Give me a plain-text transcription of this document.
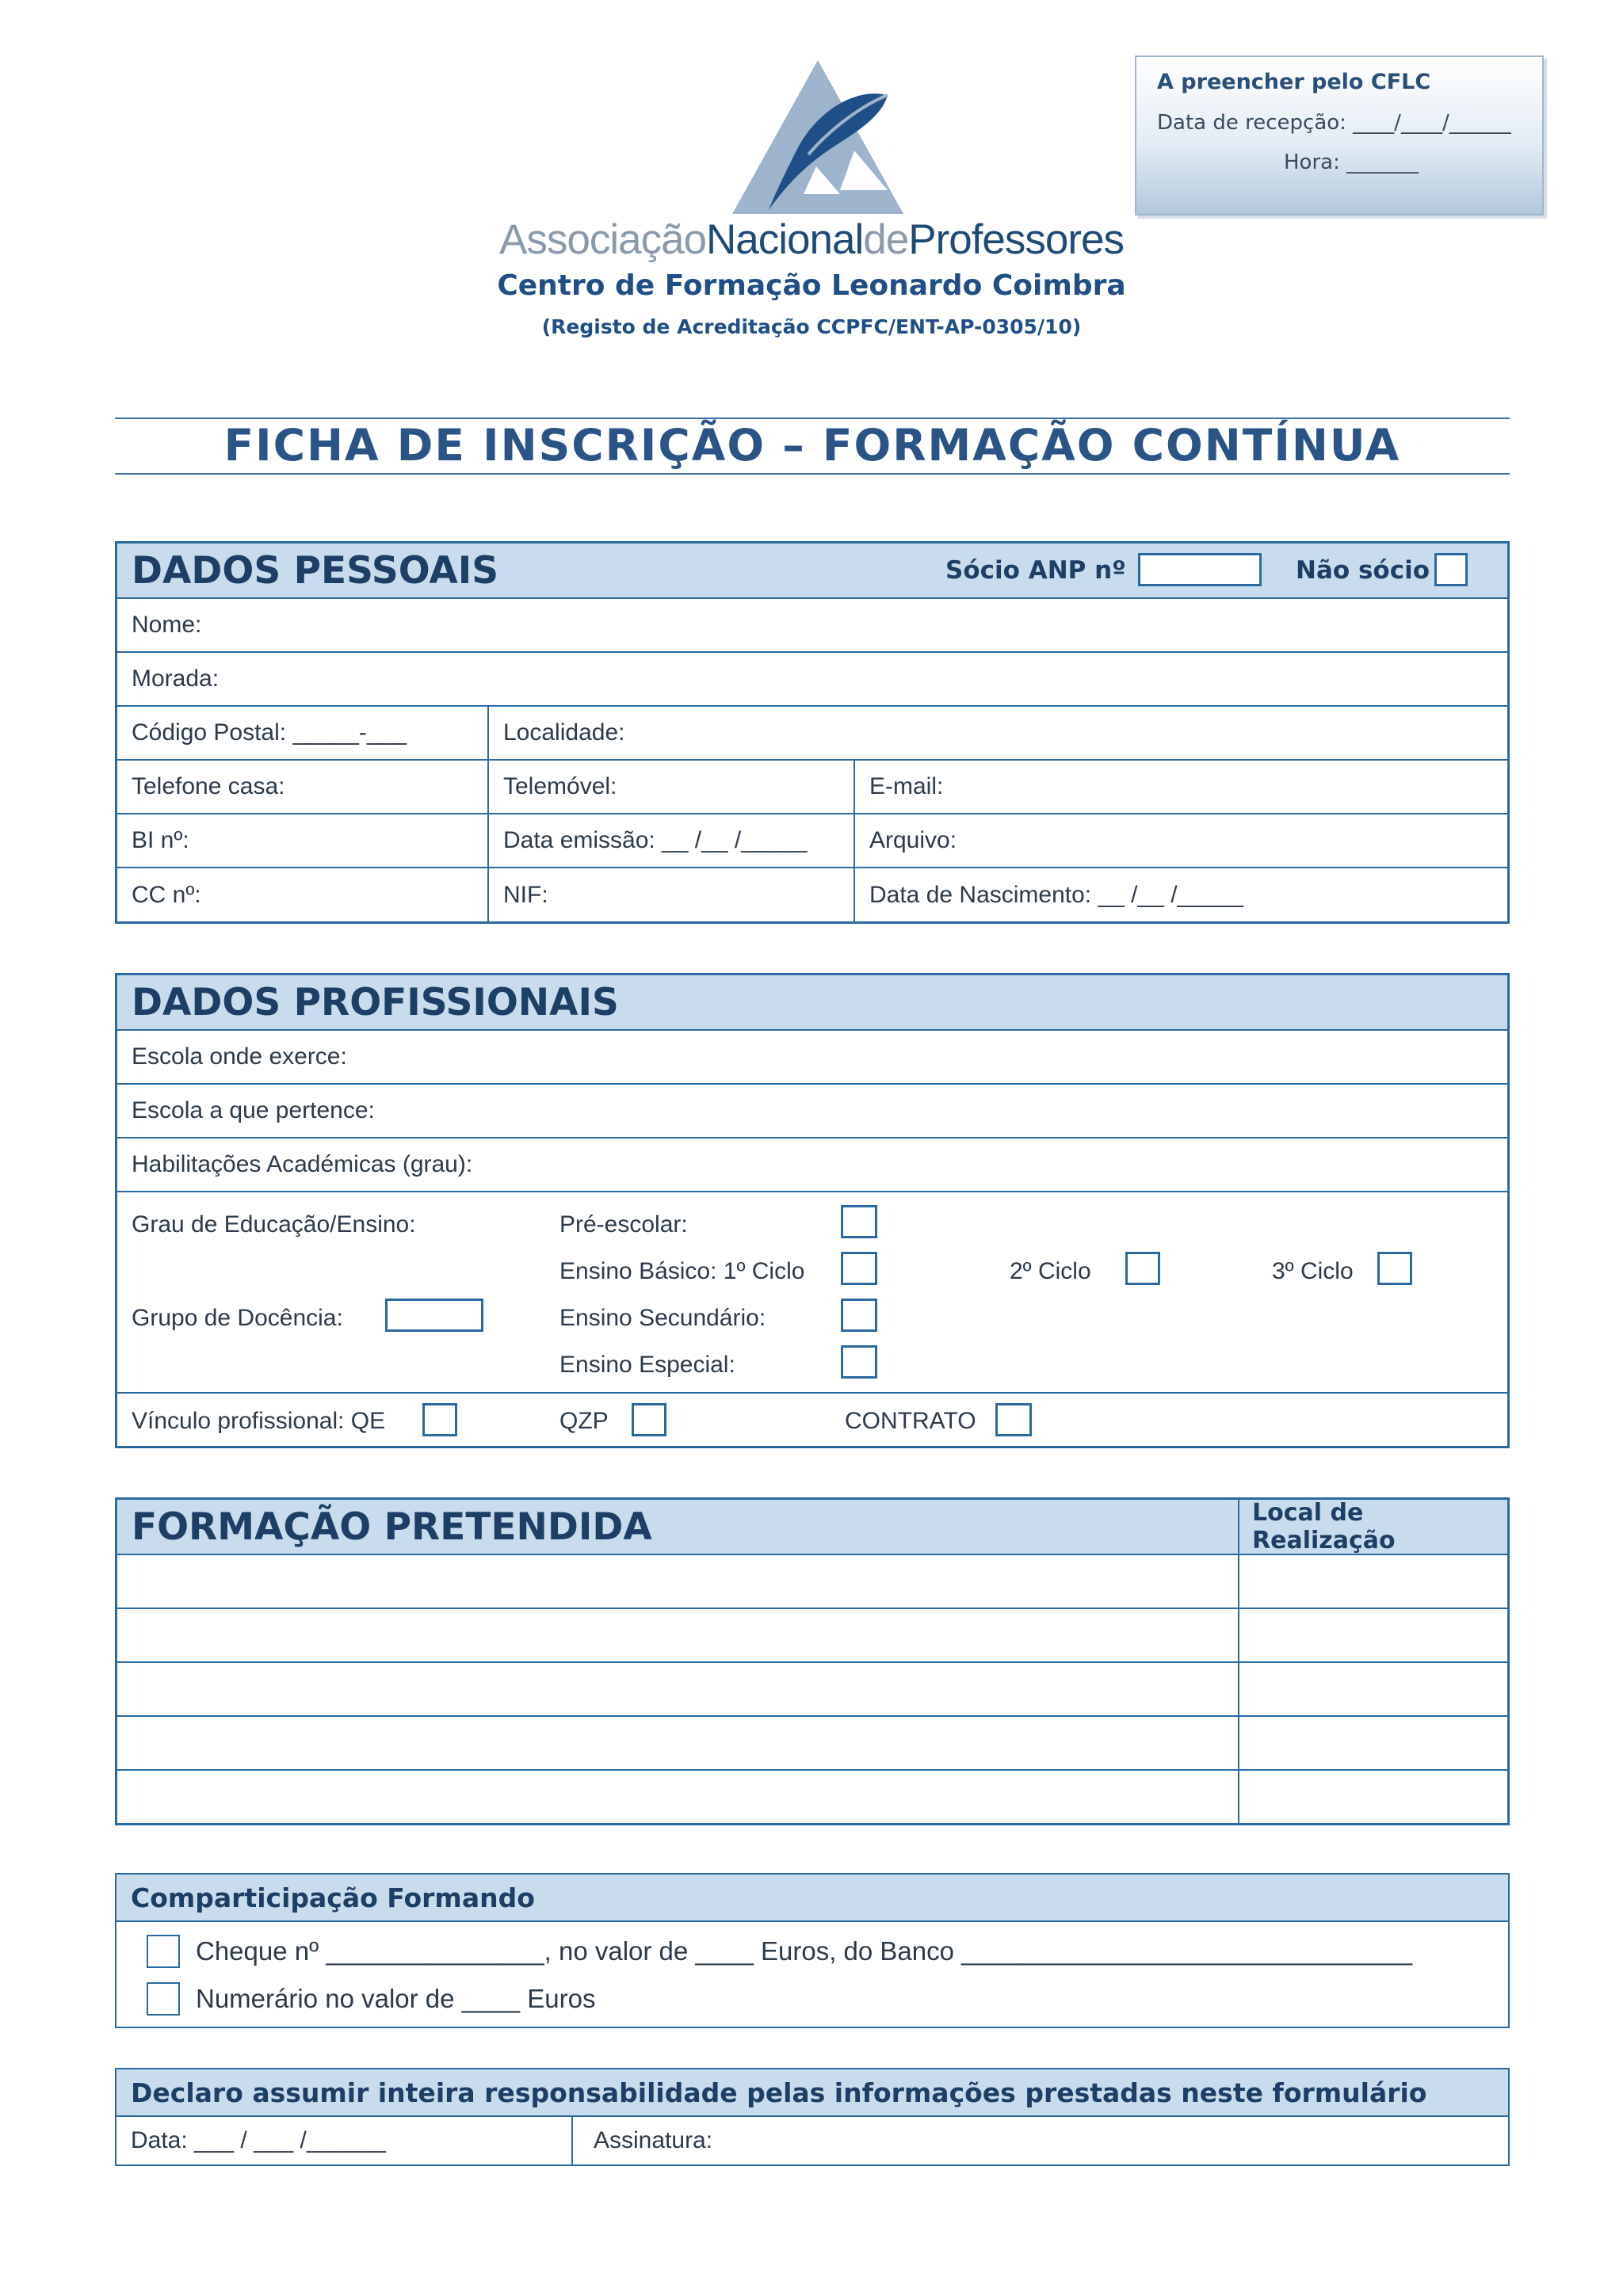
A preencher pelo CFLC
Data de recepção: ____/____/______
Hora: _______
AssociaçãoNacionaldeProfessores
Centro de Formação Leonardo Coimbra
(Registo de Acreditação CCPFC/ENT-AP-0305/10)
FICHA DE INSCRIÇÃO – FORMAÇÃO CONTÍNUA
DADOS PESSOAIS	Sócio ANP nº	Não sócio
Nome:
Morada:
Código Postal: _____-___	Localidade:
Telefone casa:	Telemóvel:	E-mail:
BI nº:	Data emissão: __ /__ /_____	Arquivo:
CC nº:	NIF:	Data de Nascimento: __ /__ /_____
DADOS PROFISSIONAIS
Escola onde exerce:
Escola a que pertence:
Habilitações Académicas (grau):
Grau de Educação/Ensino:
Grupo de Docência:
Pré-escolar:
Ensino Básico: 1º Ciclo	2º Ciclo	3º Ciclo
Ensino Secundário:
Ensino Especial:
Vínculo profissional: QE	QZP	CONTRATO
FORMAÇÃO PRETENDIDA	Local de Realização
Comparticipação Formando
Cheque nº _______________, no valor de ____ Euros, do Banco _______________________________
Numerário no valor de ____ Euros
Declaro assumir inteira responsabilidade pelas informações prestadas neste formulário
Data: ___ / ___ /______	Assinatura:
